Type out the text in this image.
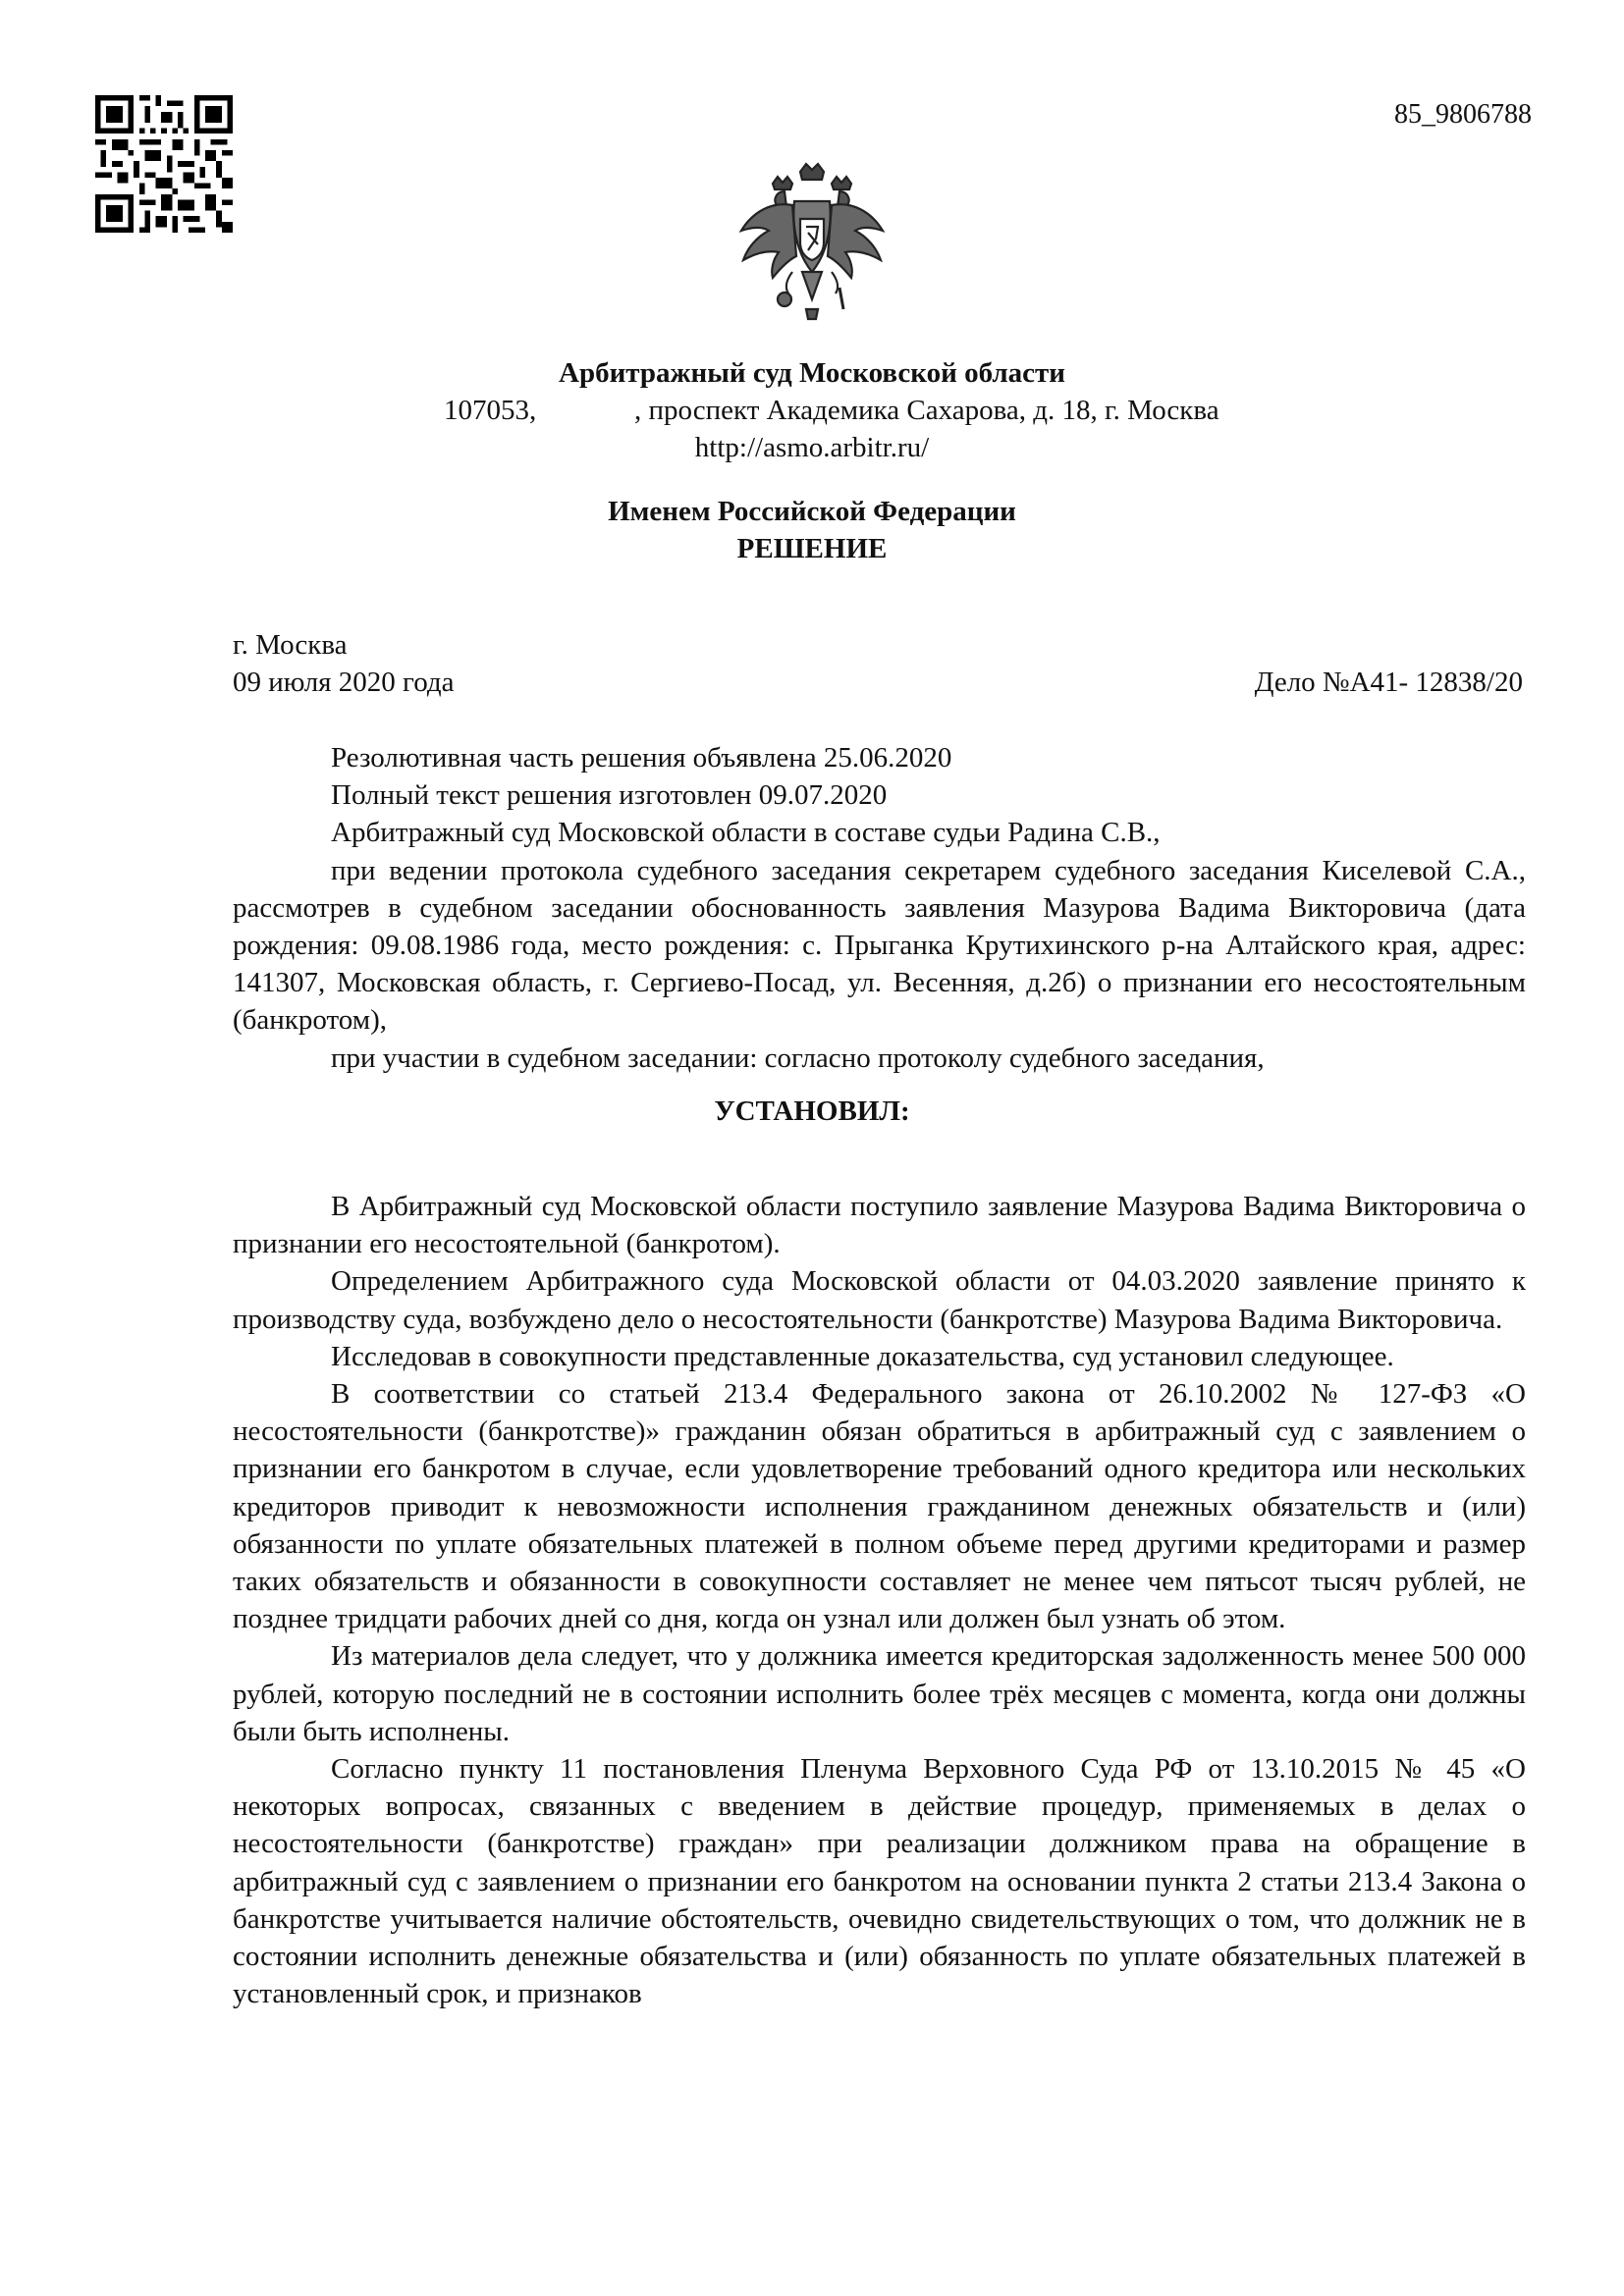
85_9806788
Арбитражный суд Московской области
107053,	, проспект Академика Сахарова, д. 18, г. Москва
http://asmo.arbitr.ru/
Именем Российской Федерации
РЕШЕНИЕ
г. Москва
09 июля 2020 года	Дело №А41- 12838/20

Резолютивная часть решения объявлена 25.06.2020

Полный текст решения изготовлен 09.07.2020

Арбитражный суд Московской области в составе судьи Радина С.В.,

при ведении протокола судебного заседания секретарем судебного заседания Киселевой С.А., рассмотрев в судебном заседании обоснованность заявления Мазурова Вадима Викторовича (дата рождения: 09.08.1986 года, место рождения: с. Прыганка Крутихинского р-на Алтайского края, адрес: 141307, Московская область, г. Сергиево-Посад, ул. Весенняя, д.2б) о признании его несостоятельным (банкротом),

при участии в судебном заседании: согласно протоколу судебного заседания,

УСТАНОВИЛ:

В Арбитражный суд Московской области поступило заявление Мазурова Вадима Викторовича о признании его несостоятельной (банкротом).

Определением Арбитражного суда Московской области от 04.03.2020 заявление принято к производству суда, возбуждено дело о несостоятельности (банкротстве) Мазурова Вадима Викторовича.

Исследовав в совокупности представленные доказательства, суд установил следующее.

В соответствии со статьей 213.4 Федерального закона от 26.10.2002 № 127-ФЗ «О несостоятельности (банкротстве)» гражданин обязан обратиться в арбитражный суд с заявлением о признании его банкротом в случае, если удовлетворение требований одного кредитора или нескольких кредиторов приводит к невозможности исполнения гражданином денежных обязательств и (или) обязанности по уплате обязательных платежей в полном объеме перед другими кредиторами и размер таких обязательств и обязанности в совокупности составляет не менее чем пятьсот тысяч рублей, не позднее тридцати рабочих дней со дня, когда он узнал или должен был узнать об этом.

Из материалов дела следует, что у должника имеется кредиторская задолженность менее 500 000 рублей, которую последний не в состоянии исполнить более трёх месяцев с момента, когда они должны были быть исполнены.

Согласно пункту 11 постановления Пленума Верховного Суда РФ от 13.10.2015 № 45 «О некоторых вопросах, связанных с введением в действие процедур, применяемых в делах о несостоятельности (банкротстве) граждан» при реализации должником права на обращение в арбитражный суд с заявлением о признании его банкротом на основании пункта 2 статьи 213.4 Закона о банкротстве учитывается наличие обстоятельств, очевидно свидетельствующих о том, что должник не в состоянии исполнить денежные обязательства и (или) обязанность по уплате обязательных платежей в установленный срок, и признаков
